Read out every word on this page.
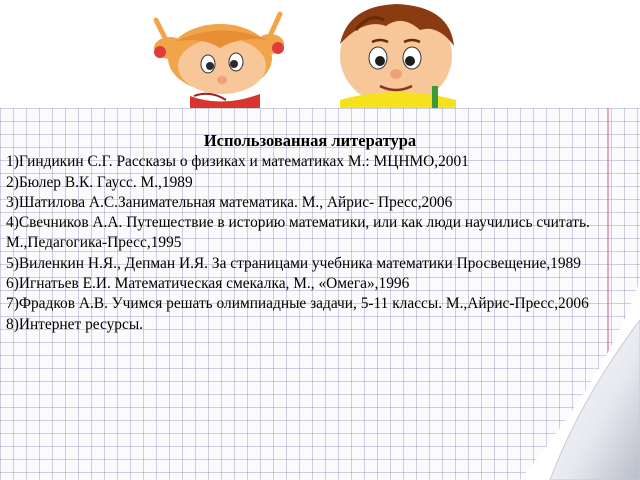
Использованная литература
1)Гиндикин С.Г. Рассказы о физиках и математиках М.: МЦНМО,2001
2)Бюлер В.К. Гаусс. М.,1989
3)Шатилова А.С.Занимательная математика. М., Айрис- Пресс,2006
4)Свечников А.А. Путешествие в историю математики, или как люди научились считать. М.,Педагогика-Пресс,1995
5)Виленкин Н.Я., Депман И.Я. За страницами учебника математики Просвещение,1989
6)Игнатьев Е.И. Математическая смекалка, М., «Омега»,1996
7)Фрадков А.В. Учимся решать олимпиадные задачи, 5-11 классы. М.,Айрис-Пресс,2006
8)Интернет ресурсы.
